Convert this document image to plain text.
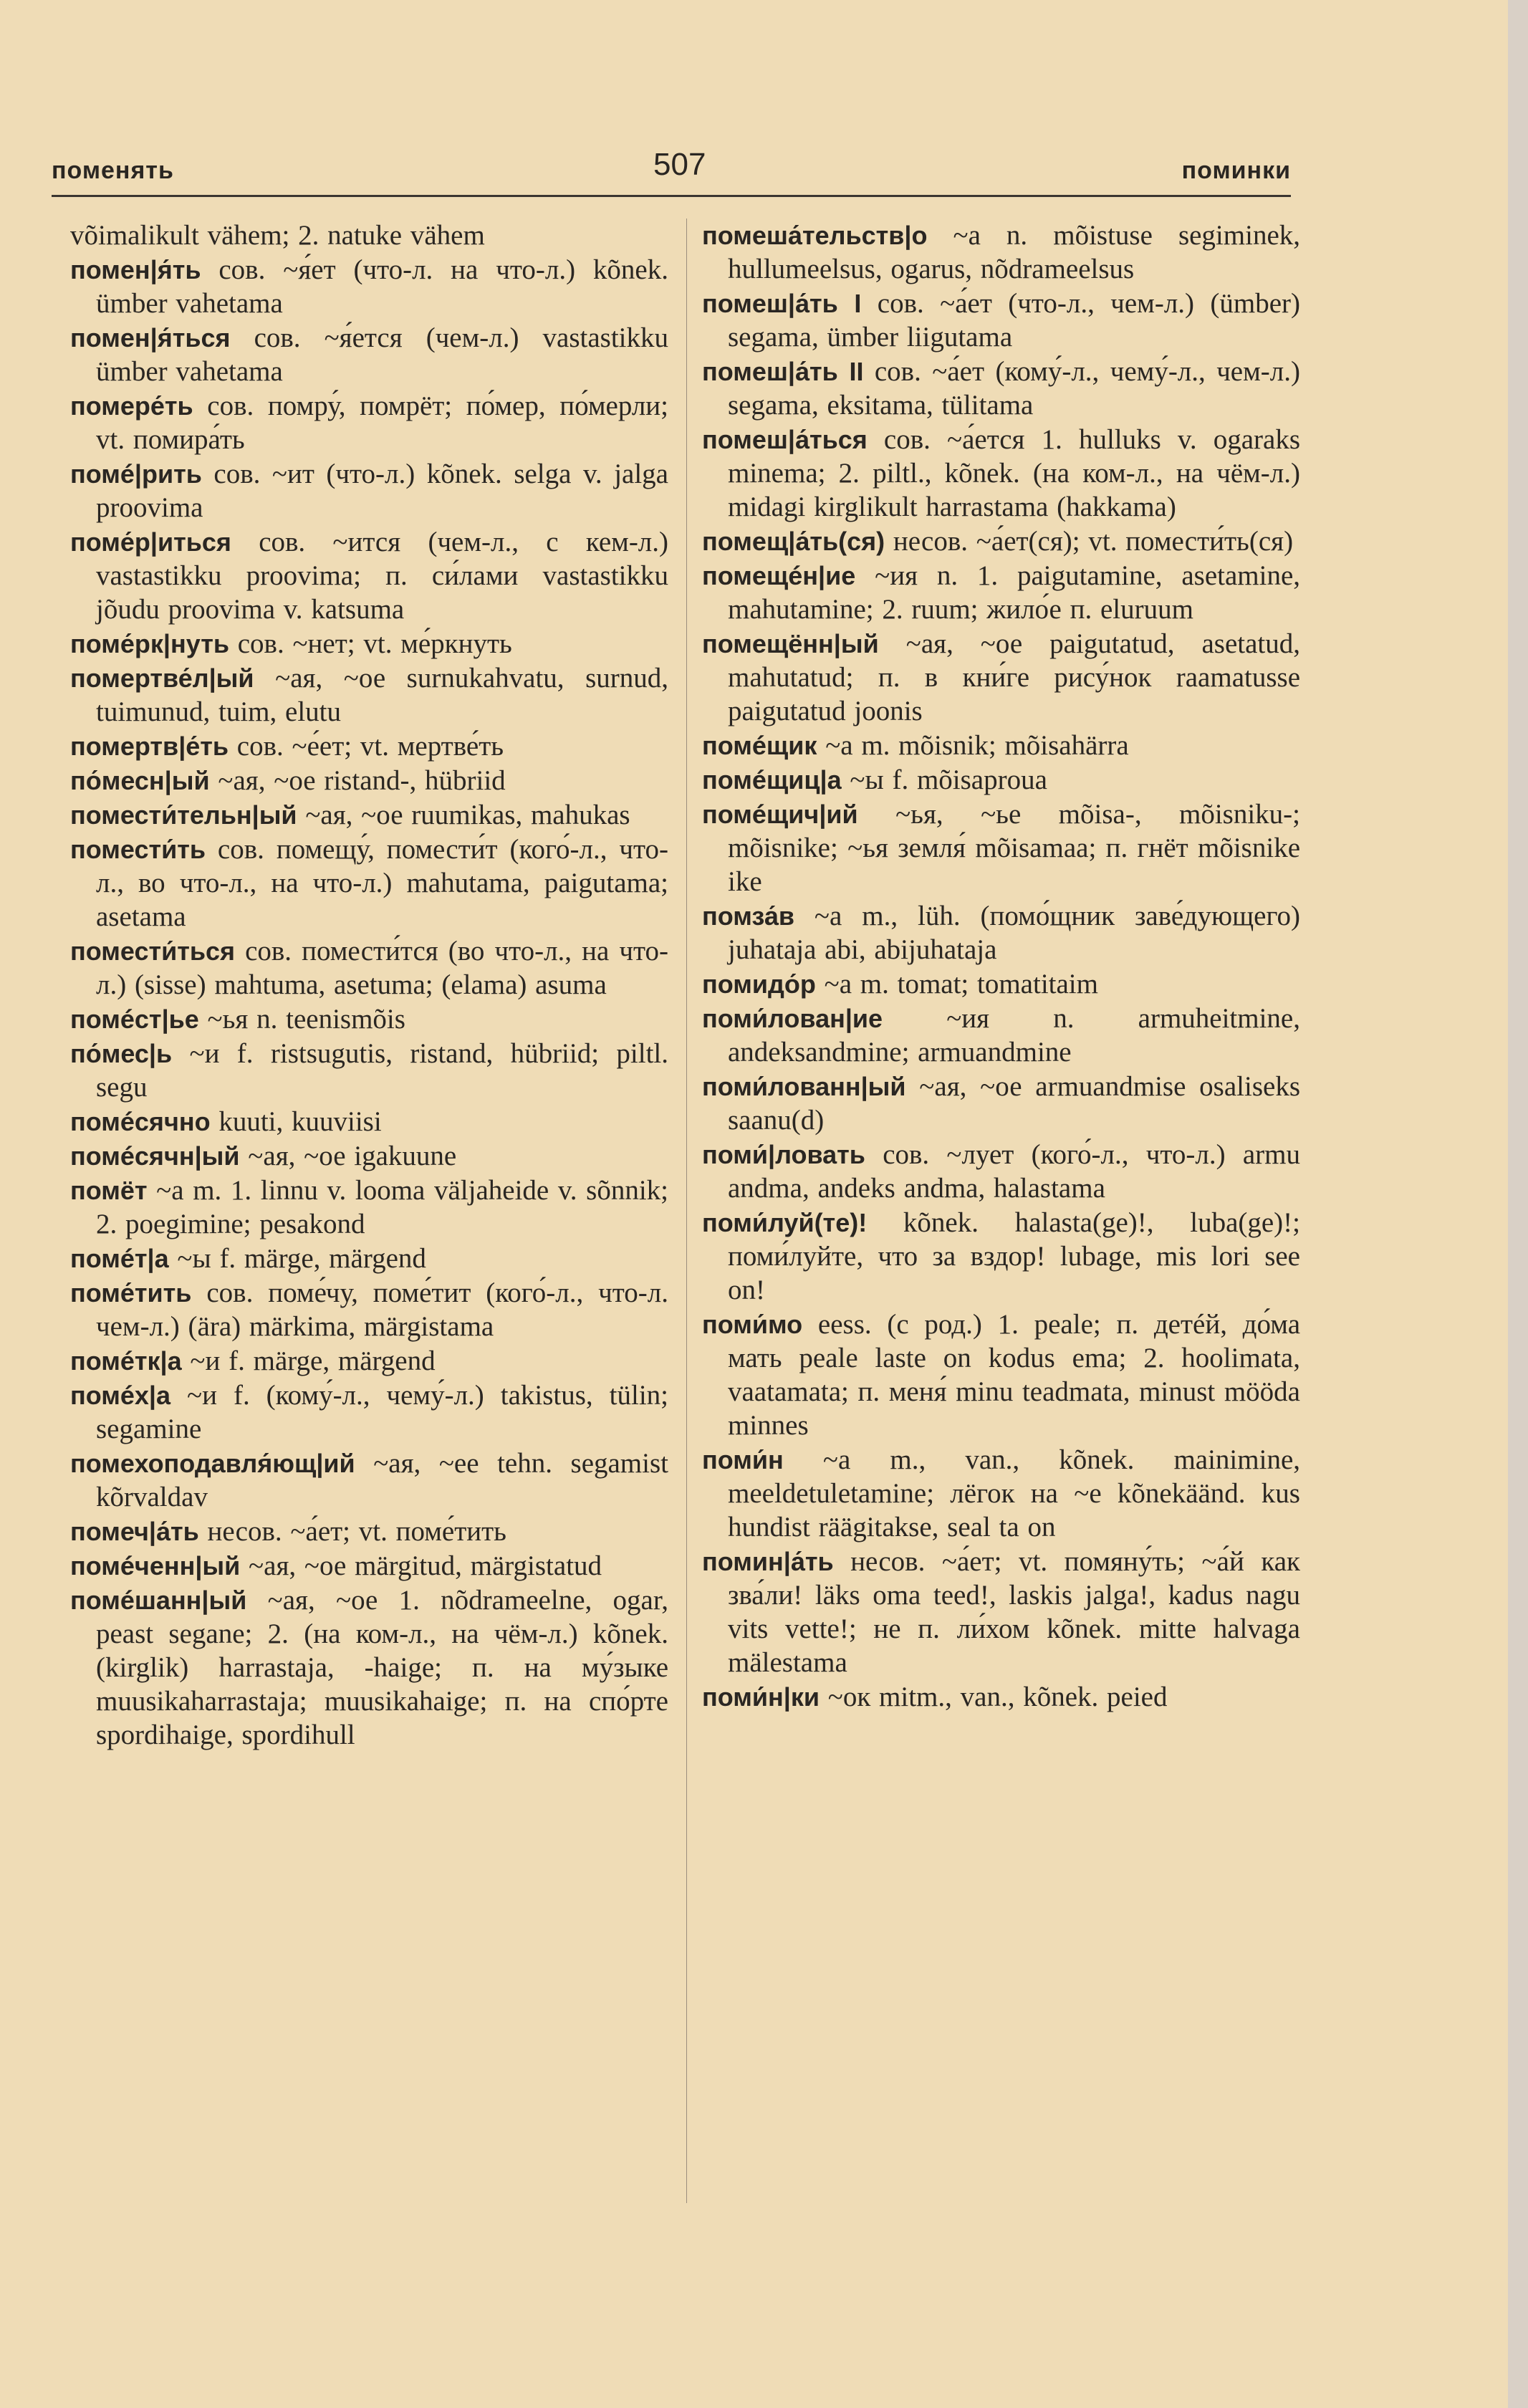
поменять	507	поминки

võimalikult vähem; 2. natuke vähem

помен|я́ть сов. ~я́ет (что-л. на что-л.) kõnek. ümber vahetama

помен|я́ться сов. ~я́ется (чем-л.) vastastikku ümber vahetama

помере́ть сов. помру́, помрёт; по́мер, по́мерли; vt. помира́ть

помé|рить сов. ~ит (что-л.) kõnek. selga v. jalga proovima

поме́р|иться сов. ~ится (чем-л., с кем-л.) vastastikku proovima; п. си́лами vastastikku jõudu proovima v. katsuma

поме́рк|нуть сов. ~нет; vt. ме́ркнуть

помертве́л|ый ~ая, ~ое surnukahvatu, surnud, tuimunud, tuim, elutu

помертв|е́ть сов. ~е́ет; vt. мертве́ть

по́месн|ый ~ая, ~ое ristand-, hübriid

помести́тельн|ый ~ая, ~ое ruumikas, mahukas

помести́ть сов. помещу́, помести́т (кого́-л., что-л., во что-л., на что-л.) mahutama, paigutama; asetama

помести́ться сов. помести́тся (во что-л., на что-л.) (sisse) mahtuma, asetuma; (elama) asuma

помéст|ье ~ья n. teenismõis

по́мес|ь ~и f. ristsugutis, ristand, hübriid; piltl. segu

помéсячно kuuti, kuuviisi

помéсячн|ый ~ая, ~ое igakuune

помёт ~а m. 1. linnu v. looma väljaheide v. sõnnik; 2. poegimine; pesakond

помéт|а ~ы f. märge, märgend

поме́тить сов. поме́чу, поме́тит (кого́-л., что-л. чем-л.) (ära) märkima, märgistama

помéтк|а ~и f. märge, märgend

помéх|а ~и f. (кому́-л., чему́-л.) takistus, tülin; segamine

помехоподавля́ющ|ий ~ая, ~ее tehn. segamist kõrvaldav

помеч|а́ть несов. ~а́ет; vt. поме́тить

помéченн|ый ~ая, ~ое märgitud, märgistatud

помéшанн|ый ~ая, ~ое 1. nõdrameelne, ogar, peast segane; 2. (на ком-л., на чём-л.) kõnek. (kirglik) harrastaja, -haige; п. на му́зыке muusikaharrastaja; muusikahaige; п. на спо́рте spordihaige, spordihull

помеша́тельств|о ~а n. mõistuse segiminek, hullumeelsus, ogarus, nõdrameelsus

помеш|а́ть I сов. ~а́ет (что-л., чем-л.) (ümber) segama, ümber liigutama

помеш|а́ть II сов. ~а́ет (кому́-л., чему́-л., чем-л.) segama, eksitama, tülitama

помеш|а́ться сов. ~а́ется 1. hulluks v. ogaraks minema; 2. piltl., kõnek. (на ком-л., на чём-л.) midagi kirglikult harrastama (hakkama)

помещ|а́ть(ся) несов. ~а́ет(ся); vt. помести́ть(ся)

помещéн|ие ~ия n. 1. paigutamine, asetamine, mahutamine; 2. ruum; жило́е п. eluruum

помещённ|ый ~ая, ~ое paigutatud, asetatud, mahutatud; п. в кни́ге рису́нок raamatusse paigutatud joonis

помéщик ~а m. mõisnik; mõisahärra

помéщиц|а ~ы f. mõisaproua

помéщич|ий ~ья, ~ье mõisa-, mõisniku-; mõisnike; ~ья земля́ mõisamaa; п. гнёт mõisnike ike

помза́в ~а m., lüh. (помо́щник заве́дующего) juhataja abi, abijuhataja

помидо́р ~а m. tomat; tomatitaim

поми́лован|ие ~ия n. armuheitmine, andeksandmine; armuandmine

поми́лованн|ый ~ая, ~ое armuandmise osaliseks saanu(d)

поми́|ловать сов. ~лует (кого́-л., что-л.) armu andma, andeks andma, halastama

поми́луй(те)! kõnek. halasta(ge)!, luba(ge)!; поми́луйте, что за вздор! lubage, mis lori see on!

поми́мо eess. (с род.) 1. peale; п. детéй, до́ма мать peale laste on kodus ema; 2. hoolimata, vaatamata; п. меня́ minu teadmata, minust mööda minnes

поми́н ~а m., van., kõnek. mainimine, meeldetuletamine; лёгок на ~е kõnekäänd. kus hundist räägitakse, seal ta on

помин|а́ть несов. ~а́ет; vt. помяну́ть; ~а́й как зва́ли! läks oma teed!, laskis jalga!, kadus nagu vits vette!; не п. ли́хом kõnek. mitte halvaga mälestama

поми́н|ки ~ок mitm., van., kõnek. peied
